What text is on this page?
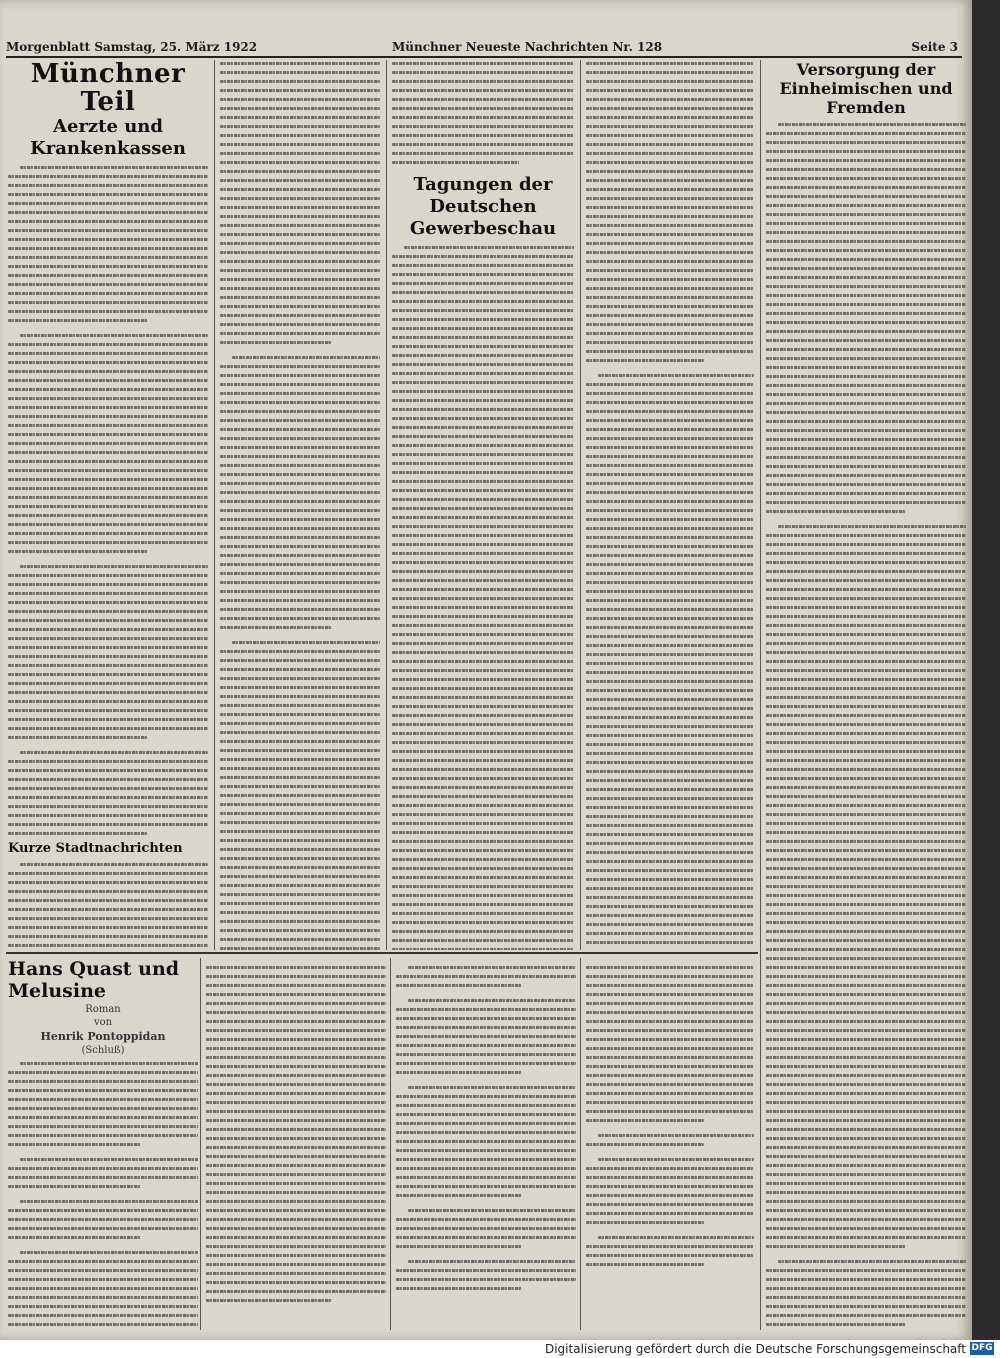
Morgenblatt Samstag, 25. März 1922	Münchner Neueste Nachrichten Nr. 128	Seite 3
Münchner Teil
Aerzte und Krankenkassen
Kurze Stadtnachrichten
Tagungen der Deutschen Gewerbeschau
Versorgung der Einheimischen und Fremden
Hans Quast und Melusine
Roman
von
Henrik Pontoppidan
(Schluß)
Digitalisierung gefördert durch die Deutsche Forschungsgemeinschaft DFG
